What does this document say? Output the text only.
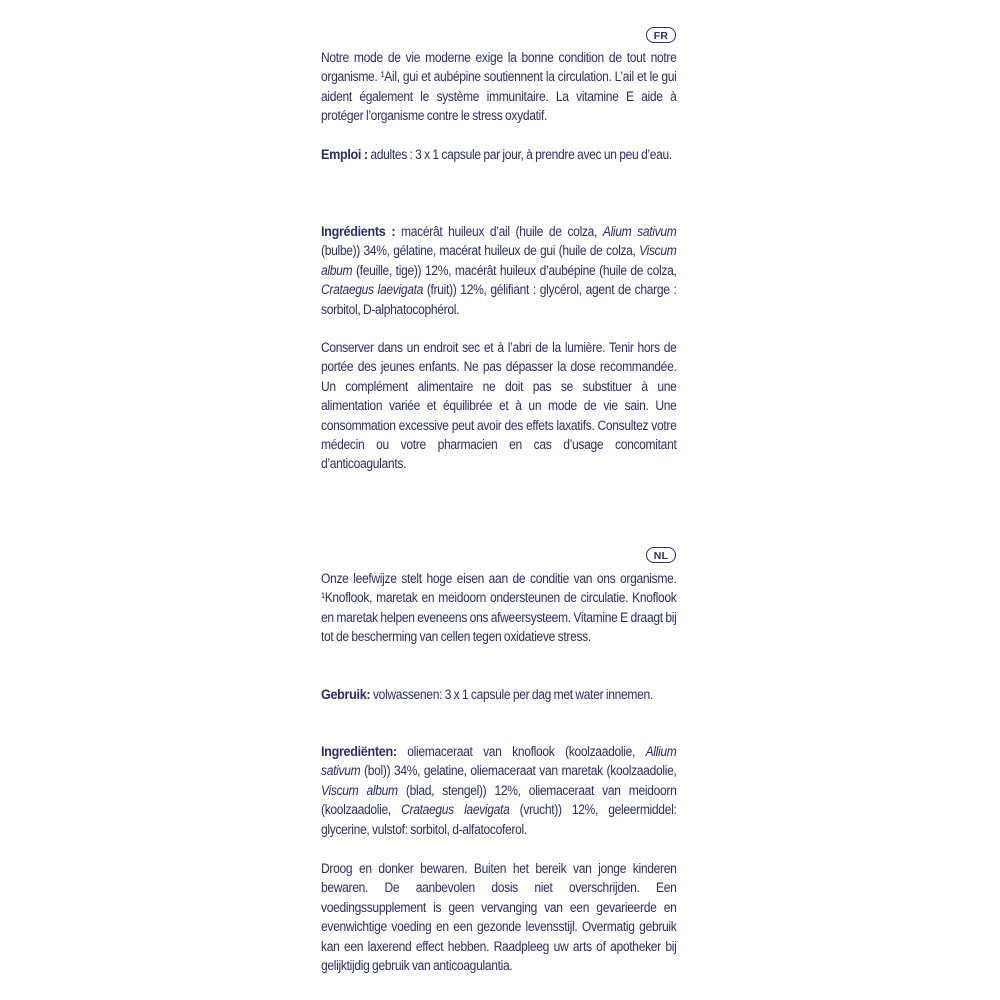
FR

Notre mode de vie moderne exige la bonne condition de tout notre organisme. ¹Ail, gui et aubépine soutiennent la circulation. L’ail et le gui aident également le système immunitaire. La vitamine E aide à protéger l’organisme contre le stress oxydatif.

Emploi : adultes : 3 x 1 capsule par jour, à prendre avec un peu d’eau.

Ingrédients : macérât huileux d’ail (huile de colza, Alium sativum (bulbe)) 34%, gélatine, macérat huileux de gui (huile de colza, Viscum album (feuille, tige)) 12%, macérât huileux d’aubépine (huile de colza, Crataegus laevigata (fruit)) 12%, gélifiant : glycérol, agent de charge : sorbitol, D-alphatocophérol.

Conserver dans un endroit sec et à l’abri de la lumière. Tenir hors de portée des jeunes enfants. Ne pas dépasser la dose recommandée. Un complément alimentaire ne doit pas se substituer à une alimentation variée et équilibrée et à un mode de vie sain. Une consommation excessive peut avoir des effets laxatifs. Consultez votre médecin ou votre pharmacien en cas d’usage concomitant d’anticoagulants.

NL

Onze leefwijze stelt hoge eisen aan de conditie van ons organisme. ¹Knoflook, maretak en meidoorn ondersteunen de circulatie. Knoflook en maretak helpen eveneens ons afweersysteem. Vitamine E draagt bij tot de bescherming van cellen tegen oxidatieve stress.

Gebruik: volwassenen: 3 x 1 capsule per dag met water innemen.

Ingrediënten: oliemaceraat van knoflook (koolzaadolie, Allium sativum (bol)) 34%, gelatine, oliemaceraat van maretak (koolzaadolie, Viscum album (blad, stengel)) 12%, oliemaceraat van meidoorn (koolzaadolie, Crataegus laevigata (vrucht)) 12%, geleermiddel: glycerine, vulstof: sorbitol, d-alfatocoferol.

Droog en donker bewaren. Buiten het bereik van jonge kinderen bewaren. De aanbevolen dosis niet overschrijden. Een voedingssupplement is geen vervanging van een gevarieerde en evenwichtige voeding en een gezonde levensstijl. Overmatig gebruik kan een laxerend effect hebben. Raadpleeg uw arts of apotheker bij gelijktijdig gebruik van anticoagulantia.
